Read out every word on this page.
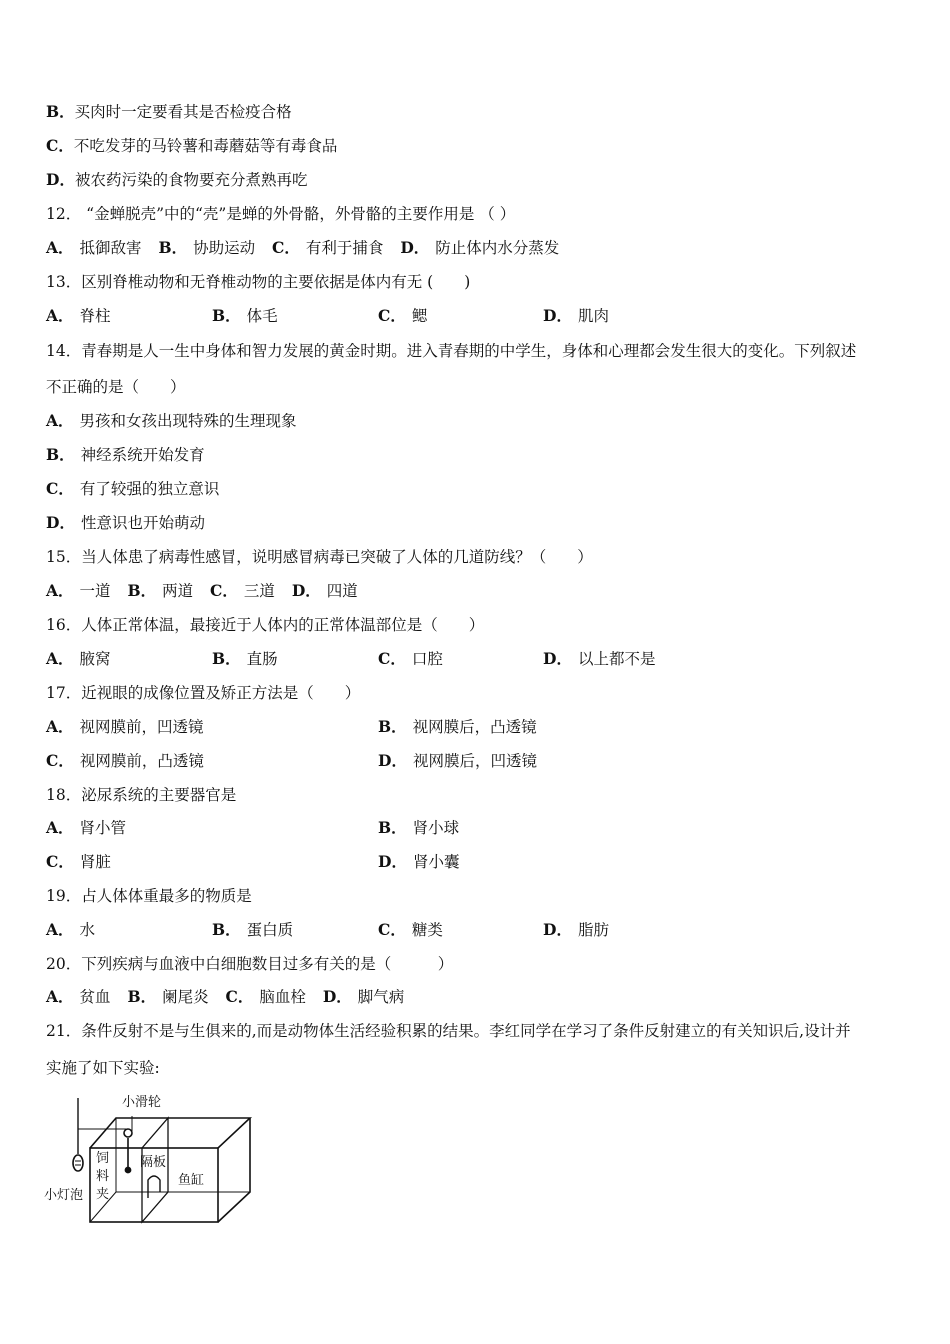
B．买肉时一定要看其是否检疫合格
C．不吃发芽的马铃薯和毒蘑菇等有毒食品
D．被农药污染的食物要充分煮熟再吃
12． “金蝉脱壳”中的“壳”是蝉的外骨骼，外骨骼的主要作用是 （ ）
A． 抵御敌害 B． 协助运动 C． 有利于捕食 D． 防止体内水分蒸发
13．区别脊椎动物和无脊椎动物的主要依据是体内有无 (　　)
A． 脊柱	B． 体毛	C． 鳃	D． 肌肉
14．青春期是人一生中身体和智力发展的黄金时期。进入青春期的中学生，身体和心理都会发生很大的变化。下列叙述
不正确的是（　　）
A． 男孩和女孩出现特殊的生理现象
B． 神经系统开始发育
C． 有了较强的独立意识
D． 性意识也开始萌动
15．当人体患了病毒性感冒，说明感冒病毒已突破了人体的几道防线？（　　）
A． 一道 B． 两道 C． 三道 D． 四道
16．人体正常体温，最接近于人体内的正常体温部位是（　　）
A． 腋窝	B． 直肠	C． 口腔	D． 以上都不是
17．近视眼的成像位置及矫正方法是（　　）
A． 视网膜前，凹透镜	B． 视网膜后，凸透镜
C． 视网膜前，凸透镜	D． 视网膜后，凹透镜
18．泌尿系统的主要器官是
A． 肾小管	B． 肾小球
C． 肾脏	D． 肾小囊
19．占人体体重最多的物质是
A． 水	B． 蛋白质	C． 糖类	D． 脂肪
20．下列疾病与血液中白细胞数目过多有关的是（　　　）
A． 贫血 B． 阑尾炎 C． 脑血栓 D． 脚气病
21．条件反射不是与生俱来的,而是动物体生活经验积累的结果。李红同学在学习了条件反射建立的有关知识后,设计并
实施了如下实验:
小滑轮
饲
料
夹
隔板
鱼缸
小灯泡
